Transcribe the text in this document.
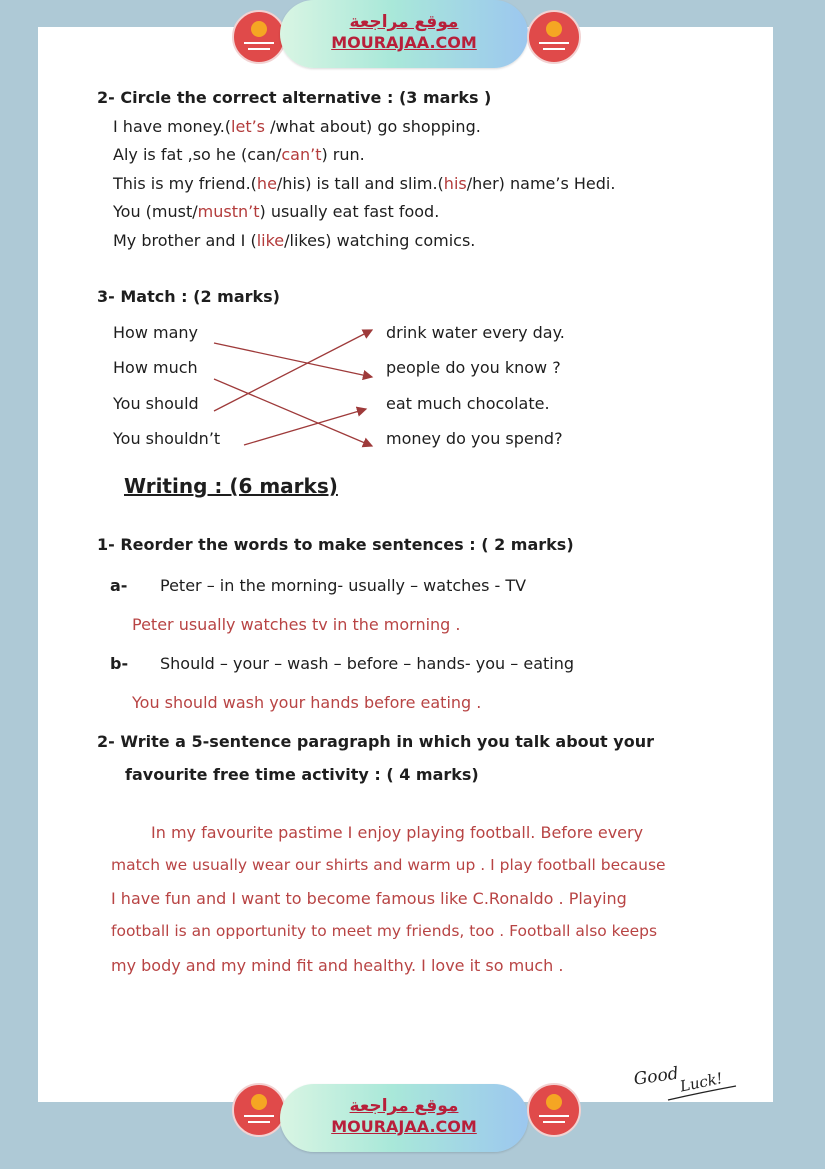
موقع مراجعة
MOURAJAA.COM
2- Circle the correct alternative : (3 marks )
I have money.(let’s /what about) go shopping.
Aly is fat ,so he (can/can’t) run.
This is my friend.(he/his) is tall and slim.(his/her) name’s Hedi.
You (must/mustn’t) usually eat fast food.
My brother and I (like/likes) watching comics.
3- Match : (2 marks)
How many
How much
You should
You shouldn’t
drink water every day.
people do you know ?
eat much chocolate.
money do you spend?
Writing : (6 marks)
1- Reorder the words to make sentences : ( 2 marks)
a- Peter – in the morning- usually – watches - TV
Peter usually watches tv in the morning .
b- Should – your – wash – before – hands- you – eating
You should wash your hands before eating .
2- Write a 5-sentence paragraph in which you talk about your
favourite free time activity : ( 4 marks)
In my favourite pastime I enjoy playing football. Before every
match we usually wear our shirts and warm up . I play football because
I have fun and I want to become famous like C.Ronaldo . Playing
football is an opportunity to meet my friends, too . Football also keeps
my body and my mind fit and healthy. I love it so much .
Good
Luck!
موقع مراجعة
MOURAJAA.COM
